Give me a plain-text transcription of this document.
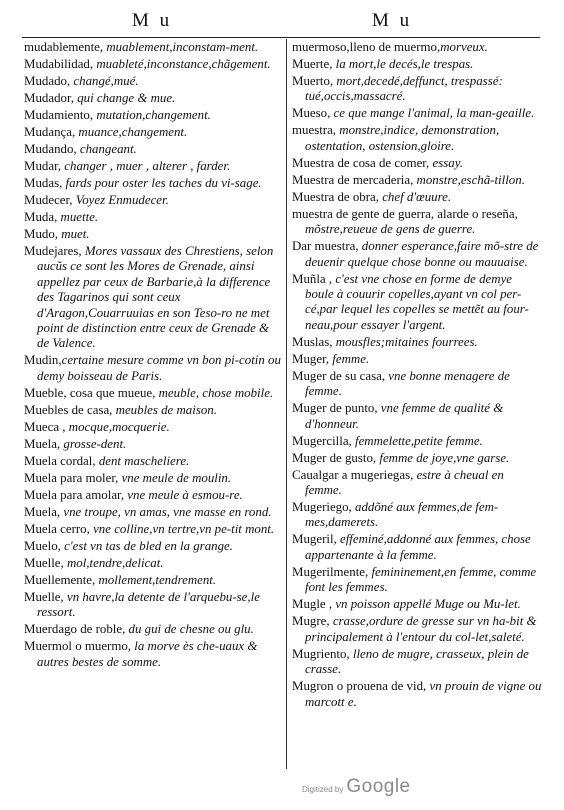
M u	M u

mudablemente, muablement,inconstam-ment.

Mudabilidad, muableté,inconstance,chãgement.

Mudado, changé,mué.

Mudador, qui change & mue.

Mudamiento, mutation,changement.

Mudança, muance,changement.

Mudando, changeant.

Mudar, changer , muer , alterer , farder.

Mudas, fards pour oster les taches du vi-sage.

Mudecer, Voyez Enmudecer.

Muda, muette.

Mudo, muet.

Mudejares, Mores vassaux des Chrestiens, selon aucũs ce sont les Mores de Grenade, ainsi appellez par ceux de Barbarie,à la difference des Tagarinos qui sont ceux d'Aragon,Couarruuias en son Teso-ro ne met point de distinction entre ceux de Grenade & de Valence.

Mudin,certaine mesure comme vn bon pi-cotin ou demy boisseau de Paris.

Mueble, cosa que mueue, meuble, chose mobile.

Muebles de casa, meubles de maison.

Mueca , mocque,mocquerie.

Muela, grosse-dent.

Muela cordal, dent mascheliere.

Muela para moler, vne meule de moulin.

Muela para amolar, vne meule à esmou-re.

Muela, vne troupe, vn amas, vne masse en rond.

Muela cerro, vne colline,vn tertre,vn pe-tit mont.

Muelo, c'est vn tas de bled en la grange.

Muelle, mol,tendre,delicat.

Muellemente, mollement,tendrement.

Muelle, vn havre,la detente de l'arquebu-se,le ressort.

Muerdago de roble, du gui de chesne ou glu.

Muermol o muermo, la morve ès che-uaux & autres bestes de somme.

muermoso,lleno de muermo,morveux.

Muerte, la mort,le decés,le trespas.

Muerto, mort,decedé,deffunct, trespassé: tué,occis,massacré.

Mueso, ce que mange l'animal, la man-geaille.

muestra, monstre,indice, demonstration, ostentation, ostension,gloire.

Muestra de cosa de comer, essay.

Muestra de mercaderia, monstre,eschã-tillon.

Muestra de obra, chef d'œuure.

muestra de gente de guerra, alarde o reseña, mõstre,reueue de gens de guerre.

Dar muestra, donner esperance,faire mõ-stre de deuenir quelque chose bonne ou mauuaise.

Muñla , c'est vne chose en forme de demye boule à couurir copelles,ayant vn col per-cé,par lequel les copelles se mettẽt au four-neau,pour essayer l'argent.

Muslas, mousfles;mitaines fourrees.

Muger, femme.

Muger de su casa, vne bonne menagere de femme.

Muger de punto, vne femme de qualité & d'honneur.

Mugercilla, femmelette,petite femme.

Muger de gusto, femme de joye,vne garse.

Caualgar a mugeriegas, estre à cheual en femme.

Mugeriego, addõné aux femmes,de fem-mes,damerets.

Mugeril, effeminé,addonné aux femmes, chose appartenante à la femme.

Mugerilmente, femininement,en femme, comme font les femmes.

Mugle , vn poisson appellé Muge ou Mu-let.

Mugre, crasse,ordure de gresse sur vn ha-bit & principalement à l'entour du col-let,saleté.

Mugriento, lleno de mugre, crasseux, plein de crasse.

Mugron o prouena de vid, vn prouin de vigne ou marcott e.

Digitized by Google
